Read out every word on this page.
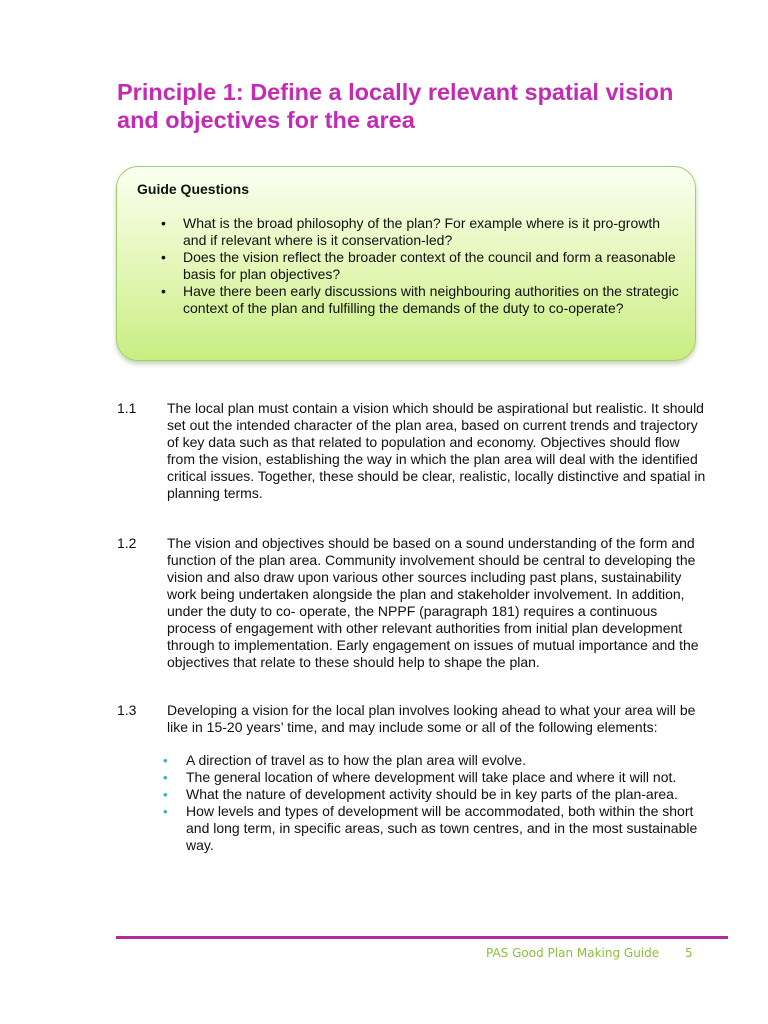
Principle 1: Define a locally relevant spatial vision and objectives for the area
Guide Questions
• What is the broad philosophy of the plan? For example where is it pro-growth and if relevant where is it conservation-led?
• Does the vision reflect the broader context of the council and form a reasonable basis for plan objectives?
• Have there been early discussions with neighbouring authorities on the strategic context of the plan and fulfilling the demands of the duty to co-operate?
1.1	The local plan must contain a vision which should be aspirational but realistic. It should set out the intended character of the plan area, based on current trends and trajectory of key data such as that related to population and economy. Objectives should flow from the vision, establishing the way in which the plan area will deal with the identified critical issues. Together, these should be clear, realistic, locally distinctive and spatial in planning terms.
1.2	The vision and objectives should be based on a sound understanding of the form and function of the plan area. Community involvement should be central to developing the vision and also draw upon various other sources including past plans, sustainability work being undertaken alongside the plan and stakeholder involvement. In addition, under the duty to co- operate, the NPPF (paragraph 181) requires a continuous process of engagement with other relevant authorities from initial plan development through to implementation. Early engagement on issues of mutual importance and the objectives that relate to these should help to shape the plan.
1.3	Developing a vision for the local plan involves looking ahead to what your area will be like in 15-20 years’ time, and may include some or all of the following elements:
• A direction of travel as to how the plan area will evolve.
• The general location of where development will take place and where it will not.
• What the nature of development activity should be in key parts of the plan-area.
• How levels and types of development will be accommodated, both within the short and long term, in specific areas, such as town centres, and in the most sustainable way.
PAS Good Plan Making Guide 5
